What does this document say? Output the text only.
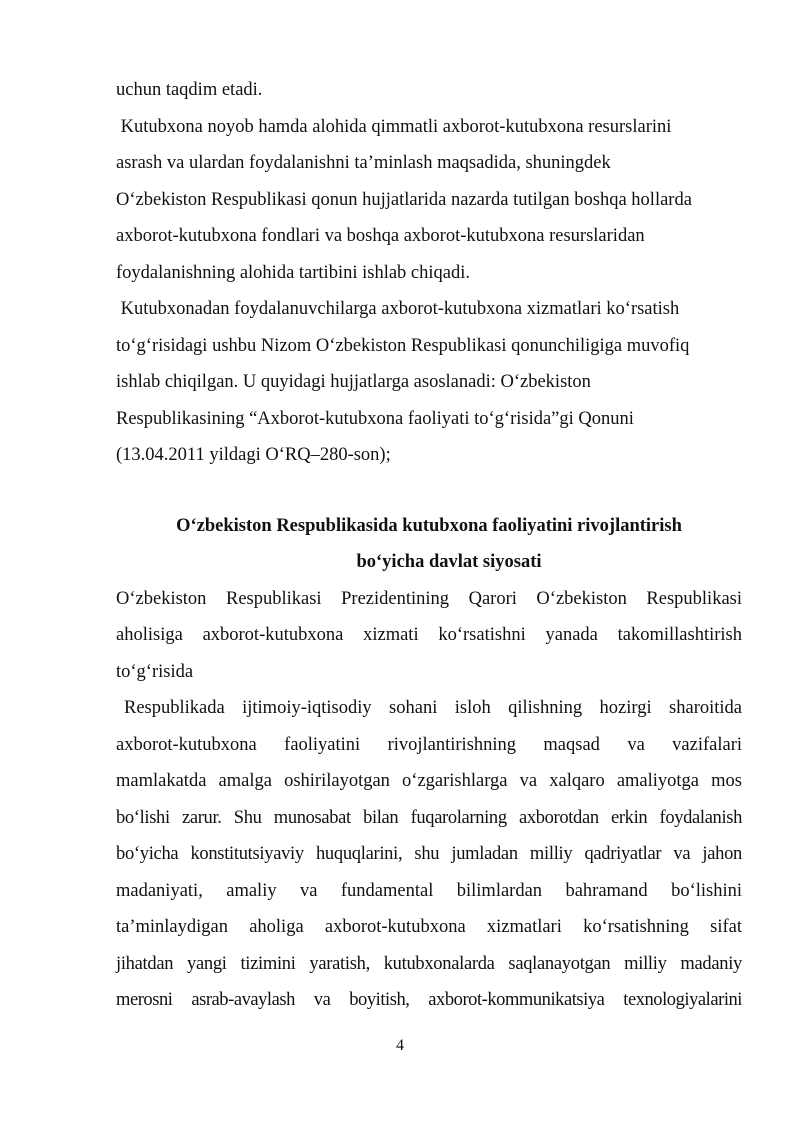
uchun taqdim etadi.
Kutubxona noyob hamda alohida qimmatli axborot-kutubxona resurslarini
asrash va ulardan foydalanishni ta’minlash maqsadida, shuningdek
O‘zbekiston Respublikasi qonun hujjatlarida nazarda tutilgan boshqa hollarda
axborot-kutubxona fondlari va boshqa axborot-kutubxona resurslaridan
foydalanishning alohida tartibini ishlab chiqadi.
Kutubxonadan foydalanuvchilarga axborot-kutubxona xizmatlari ko‘rsatish
to‘g‘risidagi ushbu Nizom O‘zbekiston Respublikasi qonunchiligiga muvofiq
ishlab chiqilgan. U quyidagi hujjatlarga asoslanadi: O‘zbekiston
Respublikasining “Axborot-kutubxona faoliyati to‘g‘risida”gi Qonuni
(13.04.2011 yildagi O‘RQ–280-son);
O‘zbekiston Respublikasida kutubxona faoliyatini rivojlantirish
bo‘yicha davlat siyosati
O‘zbekiston Respublikasi Prezidentining Qarori O‘zbekiston Respublikasi
aholisiga axborot-kutubxona xizmati ko‘rsatishni yanada takomillashtirish
to‘g‘risida
Respublikada ijtimoiy-iqtisodiy sohani isloh qilishning hozirgi sharoitida
axborot-kutubxona faoliyatini rivojlantirishning maqsad va vazifalari
mamlakatda amalga oshirilayotgan o‘zgarishlarga va xalqaro amaliyotga mos
bo‘lishi zarur. Shu munosabat bilan fuqarolarning axborotdan erkin foydalanish
bo‘yicha konstitutsiyaviy huquqlarini, shu jumladan milliy qadriyatlar va jahon
madaniyati, amaliy va fundamental bilimlardan bahramand bo‘lishini
ta’minlaydigan aholiga axborot-kutubxona xizmatlari ko‘rsatishning sifat
jihatdan yangi tizimini yaratish, kutubxonalarda saqlanayotgan milliy madaniy
merosni asrab-avaylash va boyitish, axborot-kommunikatsiya texnologiyalarini
4
